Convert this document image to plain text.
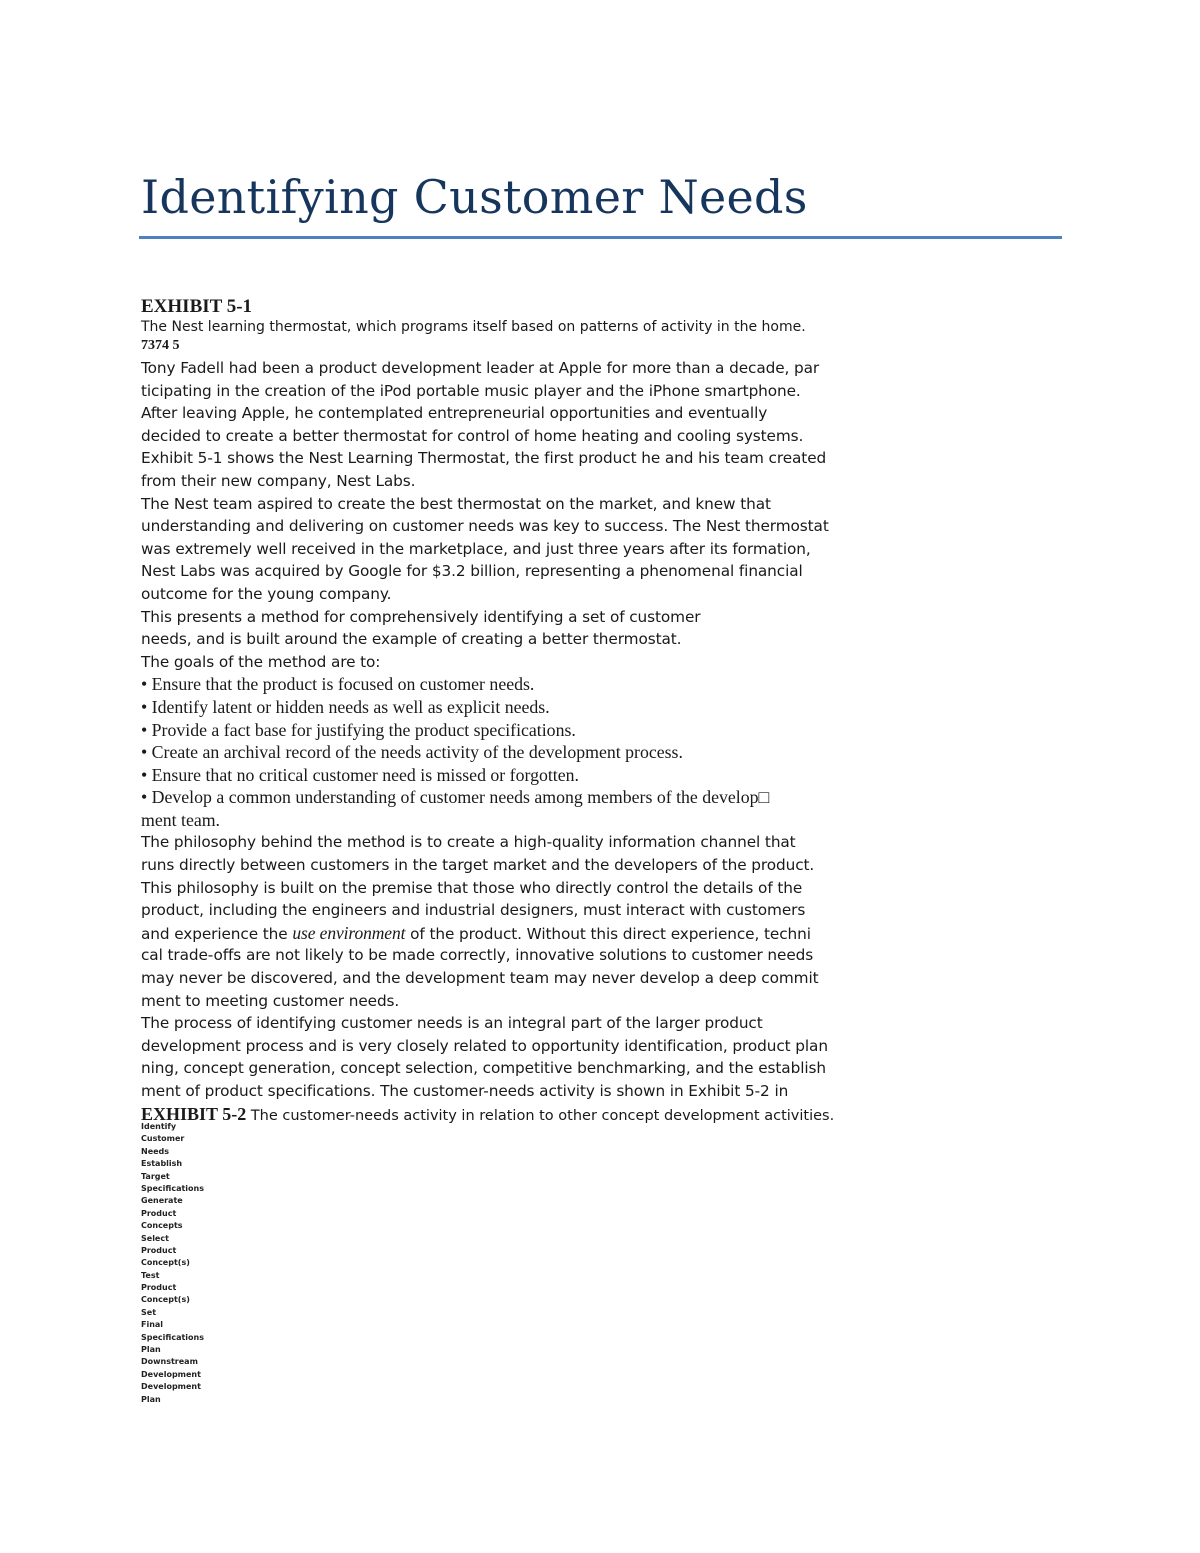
Identifying Customer Needs
EXHIBIT 5-1
The Nest learning thermostat, which programs itself based on patterns of activity in the home.
7374 5
Tony Fadell had been a product development leader at Apple for more than a decade, par
ticipating in the creation of the iPod portable music player and the iPhone smartphone.
After leaving Apple, he contemplated entrepreneurial opportunities and eventually
decided to create a better thermostat for control of home heating and cooling systems.
Exhibit 5-1 shows the Nest Learning Thermostat, the first product he and his team created
from their new company, Nest Labs.
The Nest team aspired to create the best thermostat on the market, and knew that
understanding and delivering on customer needs was key to success. The Nest thermostat
was extremely well received in the marketplace, and just three years after its formation,
Nest Labs was acquired by Google for $3.2 billion, representing a phenomenal financial
outcome for the young company.
This presents a method for comprehensively identifying a set of customer
needs, and is built around the example of creating a better thermostat.
The goals of the method are to:
• Ensure that the product is focused on customer needs.
• Identify latent or hidden needs as well as explicit needs.
• Provide a fact base for justifying the product specifications.
• Create an archival record of the needs activity of the development process.
• Ensure that no critical customer need is missed or forgotten.
• Develop a common understanding of customer needs among members of the develop□
ment team.
The philosophy behind the method is to create a high-quality information channel that
runs directly between customers in the target market and the developers of the product.
This philosophy is built on the premise that those who directly control the details of the
product, including the engineers and industrial designers, must interact with customers
and experience the use environment of the product. Without this direct experience, techni
cal trade-offs are not likely to be made correctly, innovative solutions to customer needs
may never be discovered, and the development team may never develop a deep commit
ment to meeting customer needs.
The process of identifying customer needs is an integral part of the larger product
development process and is very closely related to opportunity identification, product plan
ning, concept generation, concept selection, competitive benchmarking, and the establish
ment of product specifications. The customer-needs activity is shown in Exhibit 5-2 in
EXHIBIT 5-2 The customer-needs activity in relation to other concept development activities.
Identify
Customer
Needs
Establish
Target
Specifications
Generate
Product
Concepts
Select
Product
Concept(s)
Test
Product
Concept(s)
Set
Final
Specifications
Plan
Downstream
Development
Development
Plan
